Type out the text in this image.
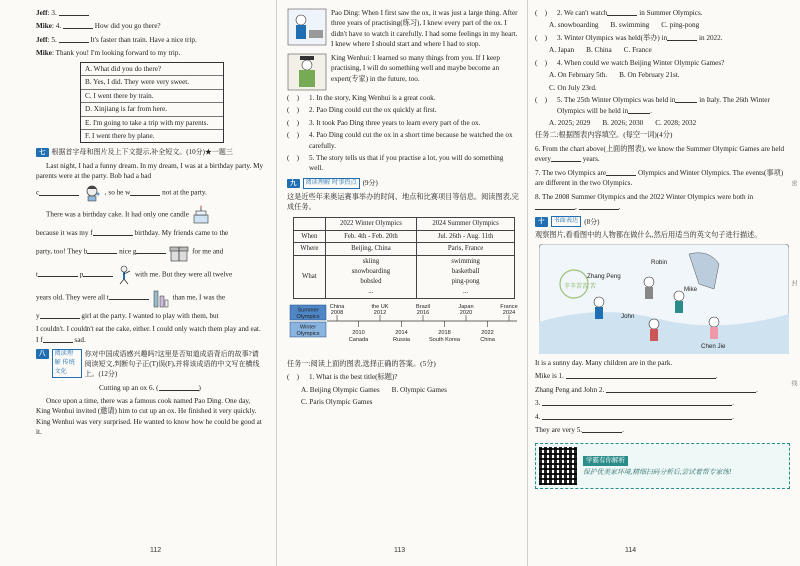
Jeff: 3.

Mike: 4.	How did you go there?

Jeff: 5.	It's faster than train. Have a nice trip.

Mike: Thank you! I'm looking forward to my trip.

A. What did you do there?
B. Yes, I did. They were very sweet.
C. I went there by train.
D. Xinjiang is far from here.
E. I'm going to take a trip with my parents.
F. I went there by plane.
七 根据首字母和图片及上下文提示,补全短文。(10分)★一题三

Last night, I had a funny dream. In my dream, I was at a birthday party. My parents were at the party. Bob had a bad

c	, so he w	not at the party.

There was a birthday cake. It had only one candle

because it was my f	birthday. My friends came to the

party, too! They b	nice g	for me and

t	p	with me. But they were all twelve

years old. They were all t	than me, I was the

y	girl at the party. I wanted to play with them, but

I couldn't. I couldn't eat the cake, either. I could only watch them play and eat. I f	sad.

八	阅读理解 传统文化
你对中国成语感兴趣吗?这里是否知道成语背后的故事?请阅读短文,判断句子正(T)误(F),并将该成语的中文写在横线上。(12分)

Cutting up an ox 6. (	)

Once upon a time, there was a famous cook named Pao Ding. One day, King Wenhui invited (邀请) him to cut up an ox. He finished it very quickly. King Wenhui was very surprised. He wanted to know how he could be good at it.

112

Pao Ding: When I first saw the ox, it was just a large thing. After three years of practising(练习), I knew every part of the ox. I didn't have to watch it carefully. I had some feelings in my heart. I knew where I should start and where I had to stop.

King Wenhui: I learned so many things from you. If I keep practising, I will do something well and maybe become an expert(专家) in the future, too.

(    )	1. In the story, King Wenhui is a great cook.
(    )	2. Pao Ding could cut the ox quickly at first.
(    )	3. It took Pao Ding three years to learn every part of the ox.
(    )	4. Pao Ding could cut the ox in a short time because he watched the ox carefully.
(    )	5. The story tells us that if you practise a lot, you will do something well.
九	阅读理解 时事热点 (9分)

这是近些年来奥运赛事举办的时间、地点和比赛项目等信息。阅读图表,完成任务。

	2022 Winter Olympics	2024 Summer Olympics
When	Feb. 4th - Feb. 20th	Jul. 26th - Aug. 11th
Where	Beijing, China	Paris, France
What	skiing
snowboarding
bobsled
...	swimming
basketball
ping-pong
...
Summer
Olympics
Winter
Olympics
China
2008
the UK
2012
Brazil
2016
Japan
2020
France
2024
2010
Canada
2014
Russia
2018
South Korea
2022
China

任务一:阅读上面的图表,选择正确的答案。(5分)

(    )	1. What is the best title(标题)?
A. Beijing Olympic Games B. Olympic Games
C. Paris Olympic Games
113
(    )	2. We can't watch	in Summer Olympics.
A. snowboarding B. swimming C. ping-pong
(    )	3. Winter Olympics was held(举办) in	in 2022.
A. Japan B. China C. France
(    )	4. When could we watch Beijing Winter Olympic Games?
A. On February 5th. B. On February 21st.
C. On July 23rd.
(    )	5. The 25th Winter Olympics was held in	in Italy. The 26th Winter Olympics will be held in	.
A. 2025; 2029 B. 2026; 2030 C. 2028; 2032

任务二:根据图表内容填空。(每空一词)(4分)

6. From the chart above(上面的图表), we know the Summer Olympic Games are held every	years.

7. The two Olympics are	Olympics and Winter Olympics. The events(事项) are different in the two Olympics.

8. The 2008 Summer Olympics and the 2022 Winter Olympics were both in,	.

十	书面表达 (8分)

观察图片,看看图中的人物都在做什么,然后用适当的英文句子进行描述。

辛辛苦苦 苦
Zhang Peng
Robin
Mike
John
Chen Jie

It is a sunny day. Many children are in the park.

Mike is 1.	.

Zhang Peng and John 2.	.

3.	.

4.	.

They are very 5.	.

学霸有你解析
保护优美家环境,精细扫码分析后,尝试着帮专家练!
114
密
封
线
